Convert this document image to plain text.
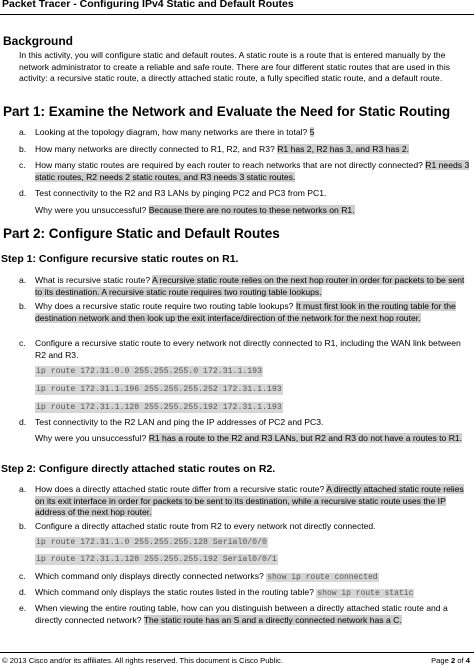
Packet Tracer - Configuring IPv4 Static and Default Routes
Background
In this activity, you will configure static and default routes. A static route is a route that is entered manually by the network administrator to create a reliable and safe route. There are four different static routes that are used in this activity: a recursive static route, a directly attached static route, a fully specified static route, and a default route.
Part 1: Examine the Network and Evaluate the Need for Static Routing
a.	Looking at the topology diagram, how many networks are there in total? 5
b.	How many networks are directly connected to R1, R2, and R3? R1 has 2, R2 has 3, and R3 has 2.
c.	How many static routes are required by each router to reach networks that are not directly connected? R1 needs 3 static routes, R2 needs 2 static routes, and R3 needs 3 static routes.
d.	Test connectivity to the R2 and R3 LANs by pinging PC2 and PC3 from PC1.
Why were you unsuccessful? Because there are no routes to these networks on R1.
Part 2: Configure Static and Default Routes
Step 1: Configure recursive static routes on R1.
a.	What is recursive static route? A recursive static route relies on the next hop router in order for packets to be sent to its destination. A recursive static route requires two routing table lookups.
b.	Why does a recursive static route require two routing table lookups? It must first look in the routing table for the destination network and then look up the exit interface/direction of the network for the next hop router.
c.	Configure a recursive static route to every network not directly connected to R1, including the WAN link between R2 and R3.
ip route 172.31.0.0 255.255.255.0 172.31.1.193
ip route 172.31.1.196 255.255.255.252 172.31.1.193
ip route 172.31.1.128 255.255.255.192 172.31.1.193
d.	Test connectivity to the R2 LAN and ping the IP addresses of PC2 and PC3.
Why were you unsuccessful? R1 has a route to the R2 and R3 LANs, but R2 and R3 do not have a routes to R1.
Step 2: Configure directly attached static routes on R2.
a.	How does a directly attached static route differ from a recursive static route? A directly attached static route relies on its exit interface in order for packets to be sent to its destination, while a recursive static route uses the IP address of the next hop router.
b.	Configure a directly attached static route from R2 to every network not directly connected.
ip route 172.31.1.0 255.255.255.128 Serial0/0/0
ip route 172.31.1.128 255.255.255.192 Serial0/0/1
c.	Which command only displays directly connected networks? show ip route connected
d.	Which command only displays the static routes listed in the routing table? show ip route static
e.	When viewing the entire routing table, how can you distinguish between a directly attached static route and a directly connected network? The static route has an S and a directly connected network has a C.
© 2013 Cisco and/or its affiliates. All rights reserved. This document is Cisco Public.	Page 2 of 4
